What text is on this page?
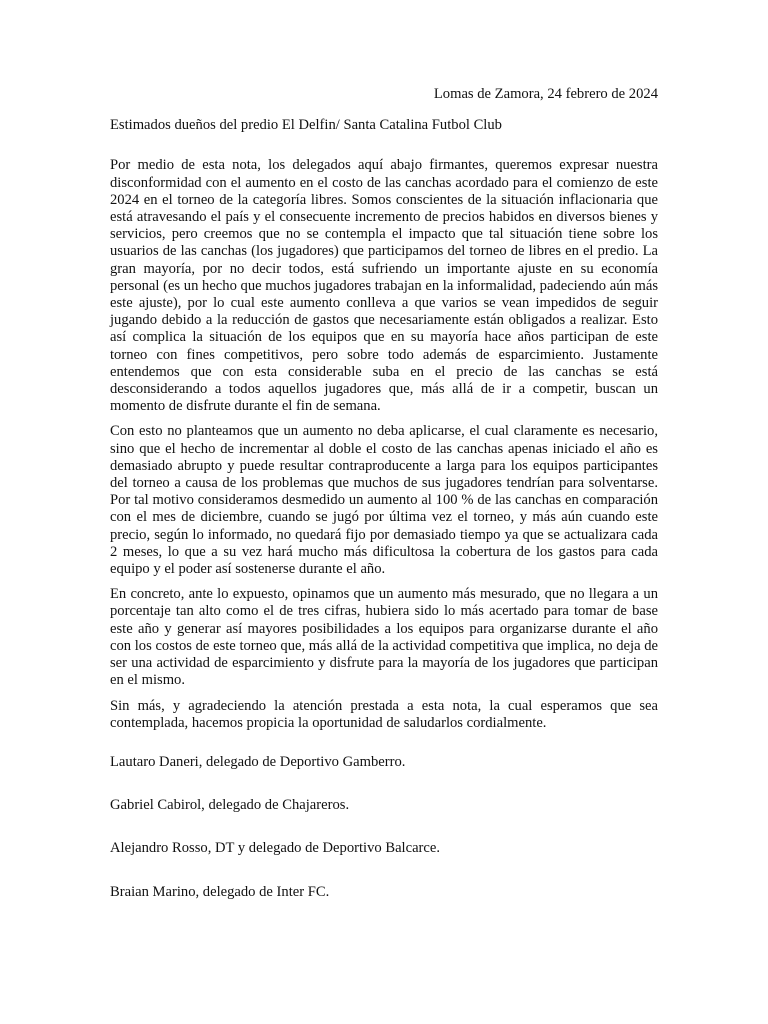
Lomas de Zamora, 24 febrero de 2024

Estimados dueños del predio El Delfin/ Santa Catalina Futbol Club

Por medio de esta nota, los delegados aquí abajo firmantes, queremos expresar nuestra disconformidad con el aumento en el costo de las canchas acordado para el comienzo de este 2024 en el torneo de la categoría libres. Somos conscientes de la situación inflacionaria que está atravesando el país y el consecuente incremento de precios habidos en diversos bienes y servicios, pero creemos que no se contempla el impacto que tal situación tiene sobre los usuarios de las canchas (los jugadores) que participamos del torneo de libres en el predio. La gran mayoría, por no decir todos, está sufriendo un importante ajuste en su economía personal (es un hecho que muchos jugadores trabajan en la informalidad, padeciendo aún más este ajuste), por lo cual este aumento conlleva a que varios se vean impedidos de seguir jugando debido a la reducción de gastos que necesariamente están obligados a realizar. Esto así complica la situación de los equipos que en su mayoría hace años participan de este torneo con fines competitivos, pero sobre todo además de esparcimiento. Justamente entendemos que con esta considerable suba en el precio de las canchas se está desconsiderando a todos aquellos jugadores que, más allá de ir a competir, buscan un momento de disfrute durante el fin de semana.

Con esto no planteamos que un aumento no deba aplicarse, el cual claramente es necesario, sino que el hecho de incrementar al doble el costo de las canchas apenas iniciado el año es demasiado abrupto y puede resultar contraproducente a larga para los equipos participantes del torneo a causa de los problemas que muchos de sus jugadores tendrían para solventarse. Por tal motivo consideramos desmedido un aumento al 100 % de las canchas en comparación con el mes de diciembre, cuando se jugó por última vez el torneo, y más aún cuando este precio, según lo informado, no quedará fijo por demasiado tiempo ya que se actualizara cada 2 meses, lo que a su vez hará mucho más dificultosa la cobertura de los gastos para cada equipo y el poder así sostenerse durante el año.

En concreto, ante lo expuesto, opinamos que un aumento más mesurado, que no llegara a un porcentaje tan alto como el de tres cifras, hubiera sido lo más acertado para tomar de base este año y generar así mayores posibilidades a los equipos para organizarse durante el año con los costos de este torneo que, más allá de la actividad competitiva que implica, no deja de ser una actividad de esparcimiento y disfrute para la mayoría de los jugadores que participan en el mismo.

Sin más, y agradeciendo la atención prestada a esta nota, la cual esperamos que sea contemplada, hacemos propicia la oportunidad de saludarlos cordialmente.

Lautaro Daneri, delegado de Deportivo Gamberro.
Gabriel Cabirol, delegado de Chajareros.
Alejandro Rosso, DT y delegado de Deportivo Balcarce.
Braian Marino, delegado de Inter FC.
